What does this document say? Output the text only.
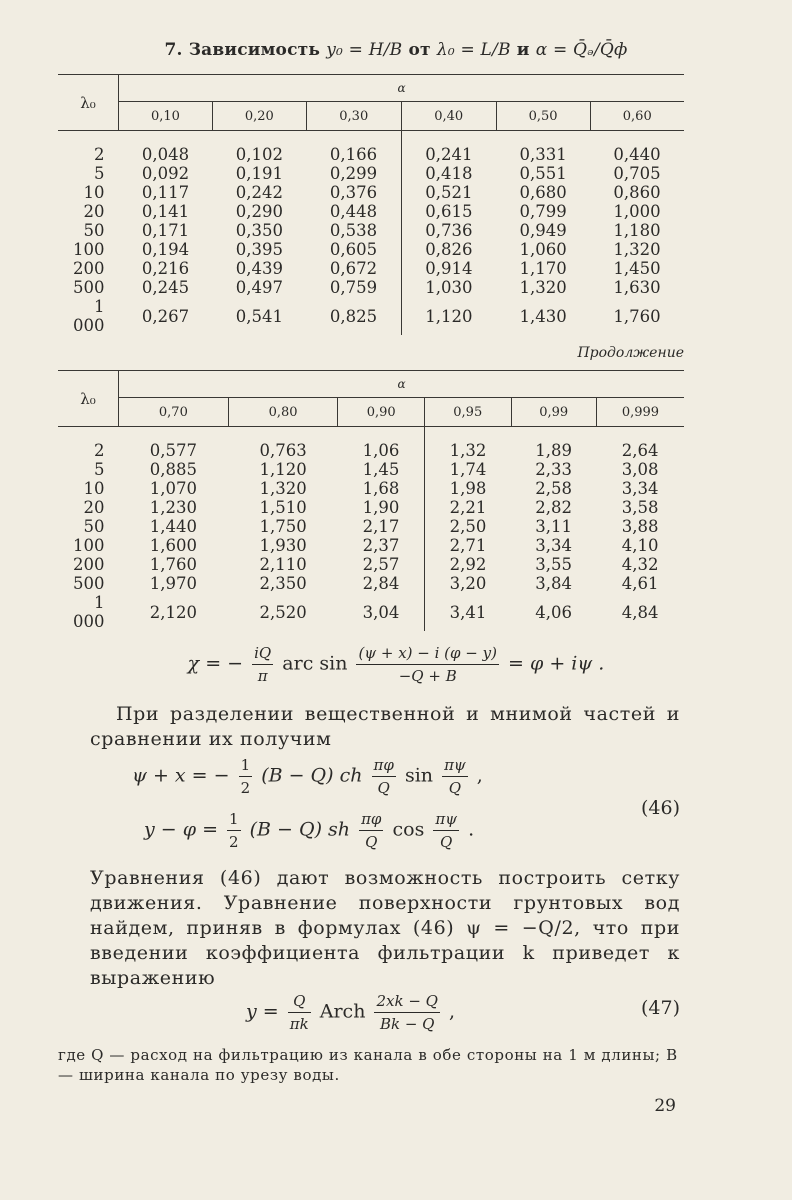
7. Зависимость y₀ = H/B от λ₀ = L/B и α = Q̄ₔ/Q̄ф
λ₀	α					
	0,10	0,20	0,30	0,40	0,50	0,60
2	0,048	0,102	0,166	0,241	0,331	0,440
5	0,092	0,191	0,299	0,418	0,551	0,705
10	0,117	0,242	0,376	0,521	0,680	0,860
20	0,141	0,290	0,448	0,615	0,799	1,000
50	0,171	0,350	0,538	0,736	0,949	1,180
100	0,194	0,395	0,605	0,826	1,060	1,320
200	0,216	0,439	0,672	0,914	1,170	1,450
500	0,245	0,497	0,759	1,030	1,320	1,630
1 000	0,267	0,541	0,825	1,120	1,430	1,760
Продолжение
λ₀	α					
	0,70	0,80	0,90	0,95	0,99	0,999
2	0,577	0,763	1,06	1,32	1,89	2,64
5	0,885	1,120	1,45	1,74	2,33	3,08
10	1,070	1,320	1,68	1,98	2,58	3,34
20	1,230	1,510	1,90	2,21	2,82	3,58
50	1,440	1,750	2,17	2,50	3,11	3,88
100	1,600	1,930	2,37	2,71	3,34	4,10
200	1,760	2,110	2,57	2,92	3,55	4,32
500	1,970	2,350	2,84	3,20	3,84	4,61
1 000	2,120	2,520	3,04	3,41	4,06	4,84
χ = − $\frac{iQ}{\pi}$ arc $\sin \frac{(\psi + x) - i (\varphi - y)}{-Q + B} = \varphi + i\psi$ .
При разделении вещественной и мнимой частей и сравнении их получим
ψ + x = − $\frac{1}{2} (B - Q)$ ch $\frac{\pi\varphi}{Q}$ $\sin \frac{\pi\psi}{Q}$ ,
$y - \varphi = \frac{1}{2} (B - Q)$ sh $\frac{\pi\varphi}{Q}$ $\cos \frac{\pi\psi}{Q}$ .
(46)
Уравнения (46) дают возможность построить сетку движения. Уравнение поверхности грунтовых вод найдем, приняв в формулах (46) ψ = −Q/2, что при введении коэффициента фильтрации k приведет к выражению
$y = \frac{Q}{\pi k}$ Arch $\frac{2xk - Q}{Bk - Q}$ ,	(47)
где Q — расход на фильтрацию из канала в обе стороны на 1 м длины; B — ширина канала по урезу воды.
29
